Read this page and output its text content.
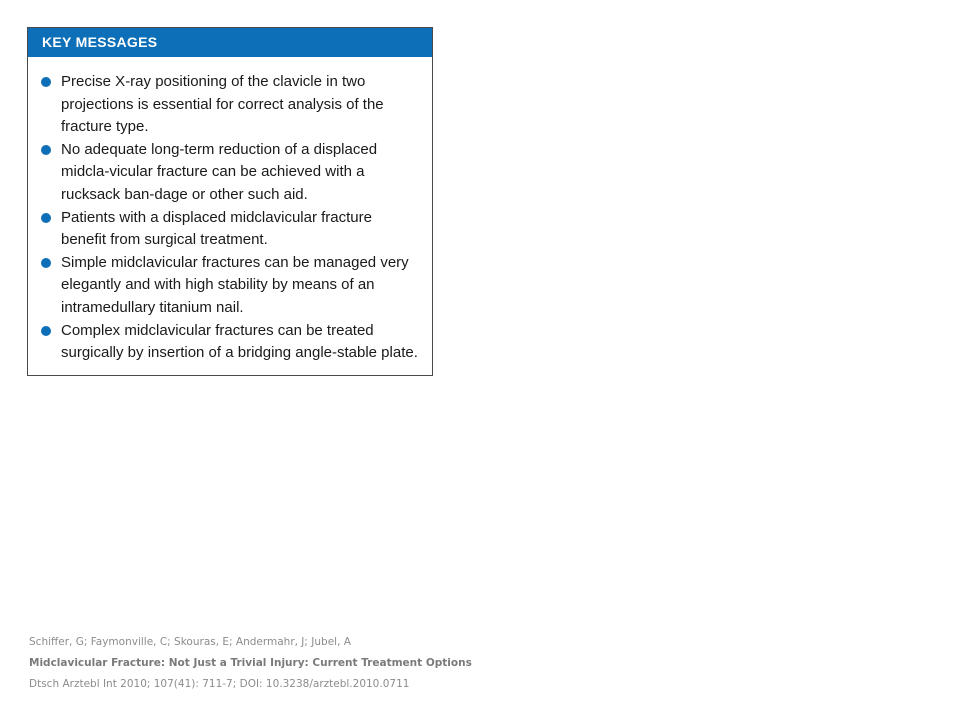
KEY MESSAGES
Precise X-ray positioning of the clavicle in two projections is essential for correct analysis of the fracture type.
No adequate long-term reduction of a displaced midcla-vicular fracture can be achieved with a rucksack ban-dage or other such aid.
Patients with a displaced midclavicular fracture benefit from surgical treatment.
Simple midclavicular fractures can be managed very elegantly and with high stability by means of an intramedullary titanium nail.
Complex midclavicular fractures can be treated surgically by insertion of a bridging angle-stable plate.
Schiffer, G; Faymonville, C; Skouras, E; Andermahr, J; Jubel, A
Midclavicular Fracture: Not Just a Trivial Injury: Current Treatment Options
Dtsch Arztebl Int 2010; 107(41): 711-7; DOI: 10.3238/arztebl.2010.0711
